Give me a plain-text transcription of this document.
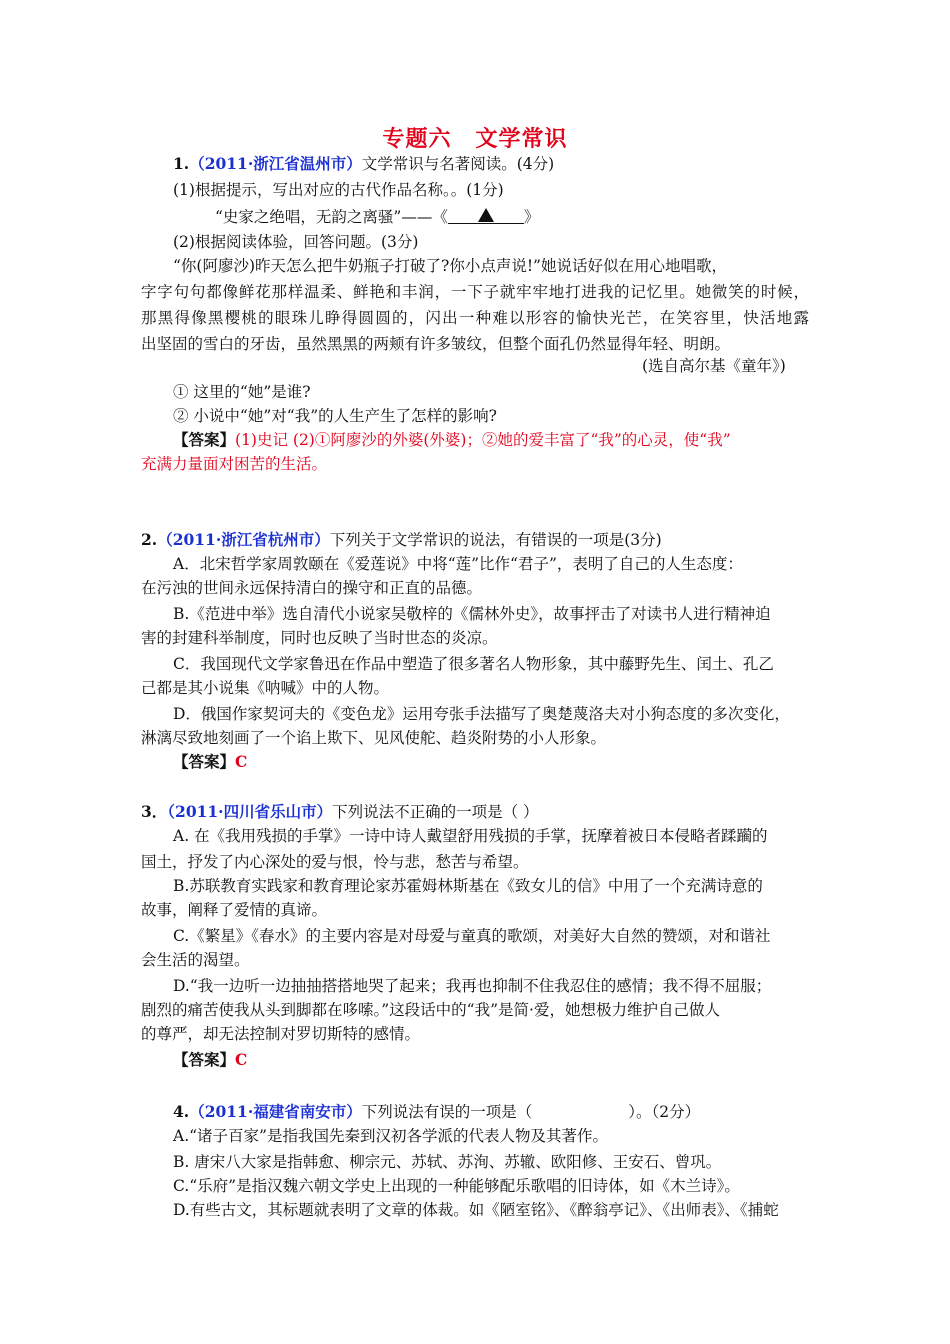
专题六 文学常识
1.（2011·浙江省温州市）文学常识与名著阅读。(4分)
(1)根据提示，写出对应的古代作品名称。。(1分)
“史家之绝唱，无韵之离骚”——《	》
(2)根据阅读体验，回答问题。(3分)
“你(阿廖沙)昨天怎么把牛奶瓶子打破了?你小点声说!”她说话好似在用心地唱歌，
字字句句都像鲜花那样温柔、鲜艳和丰润，一下子就牢牢地打进我的记忆里。她微笑的时候，
那黑得像黑樱桃的眼珠儿睁得圆圆的，闪出一种难以形容的愉快光芒，在笑容里，快活地露
出坚固的雪白的牙齿，虽然黑黑的两颊有许多皱纹，但整个面孔仍然显得年轻、明朗。
(选自高尔基《童年》)
① 这里的“她”是谁?
② 小说中“她”对“我”的人生产生了怎样的影响?
【答案】(1)史记 (2)①阿廖沙的外婆(外婆)；②她的爱丰富了“我”的心灵，使“我”
充满力量面对困苦的生活。
2.（2011·浙江省杭州市）下列关于文学常识的说法，有错误的一项是(3分)
A．北宋哲学家周敦颐在《爱莲说》中将“莲”比作“君子”，表明了自己的人生态度：
在污浊的世间永远保持清白的操守和正直的品德。
B.《范进中举》选自清代小说家吴敬梓的《儒林外史》，故事抨击了对读书人进行精神迫
害的封建科举制度，同时也反映了当时世态的炎凉。
C．我国现代文学家鲁迅在作品中塑造了很多著名人物形象，其中藤野先生、闰土、孔乙
己都是其小说集《呐喊》中的人物。
D．俄国作家契诃夫的《变色龙》运用夸张手法描写了奥楚蔑洛夫对小狗态度的多次变化，
淋漓尽致地刻画了一个谄上欺下、见风使舵、趋炎附势的小人形象。
【答案】C
3．（2011·四川省乐山市）下列说法不正确的一项是（ ）
A. 在《我用残损的手掌》一诗中诗人戴望舒用残损的手掌，抚摩着被日本侵略者蹂躏的
国土，抒发了内心深处的爱与恨，怜与悲，愁苦与希望。
B.苏联教育实践家和教育理论家苏霍姆林斯基在《致女儿的信》中用了一个充满诗意的
故事，阐释了爱情的真谛。
C.《繁星》《春水》的主要内容是对母爱与童真的歌颂，对美好大自然的赞颂，对和谐社
会生活的渴望。
D.“我一边听一边抽抽搭搭地哭了起来；我再也抑制不住我忍住的感情；我不得不屈服；
剧烈的痛苦使我从头到脚都在哆嗦。”这段话中的“我”是简·爱，她想极力维护自己做人
的尊严，却无法控制对罗切斯特的感情。
【答案】C
4.（2011·福建省南安市）下列说法有误的一项是（	）。（2分）
A.“诸子百家”是指我国先秦到汉初各学派的代表人物及其著作。
B. 唐宋八大家是指韩愈、柳宗元、苏轼、苏洵、苏辙、欧阳修、王安石、曾巩。
C.“乐府”是指汉魏六朝文学史上出现的一种能够配乐歌唱的旧诗体，如《木兰诗》。
D.有些古文，其标题就表明了文章的体裁。如《陋室铭》、《醉翁亭记》、《出师表》、《捕蛇
